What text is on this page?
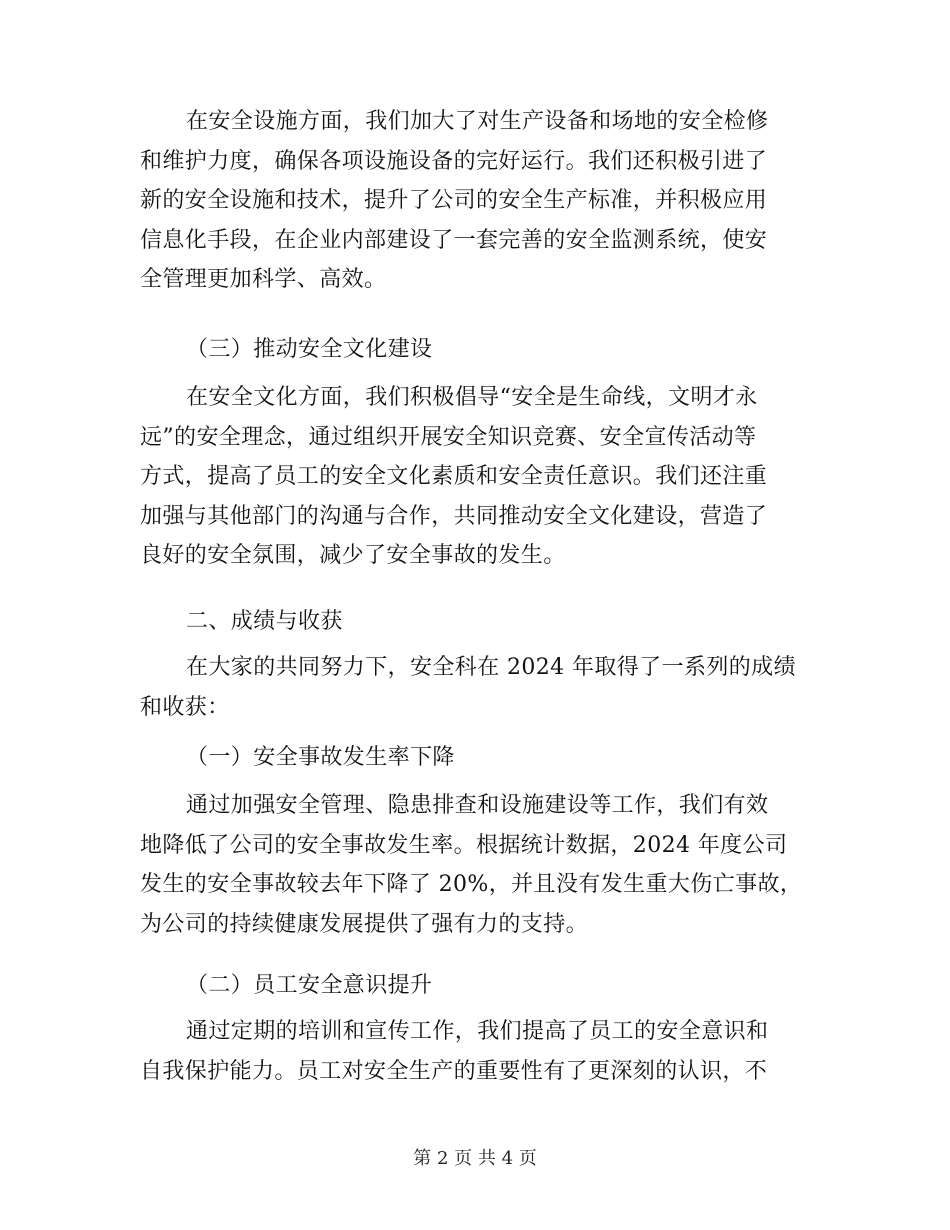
在安全设施方面，我们加大了对生产设备和场地的安全检修
和维护力度，确保各项设施设备的完好运行。我们还积极引进了
新的安全设施和技术，提升了公司的安全生产标准，并积极应用
信息化手段，在企业内部建设了一套完善的安全监测系统，使安
全管理更加科学、高效。
（三）推动安全文化建设
在安全文化方面，我们积极倡导“安全是生命线，文明才永
远”的安全理念，通过组织开展安全知识竞赛、安全宣传活动等
方式，提高了员工的安全文化素质和安全责任意识。我们还注重
加强与其他部门的沟通与合作，共同推动安全文化建设，营造了
良好的安全氛围，减少了安全事故的发生。
二、成绩与收获
在大家的共同努力下，安全科在 2024 年取得了一系列的成绩
和收获：
（一）安全事故发生率下降
通过加强安全管理、隐患排查和设施建设等工作，我们有效
地降低了公司的安全事故发生率。根据统计数据，2024 年度公司
发生的安全事故较去年下降了 20%，并且没有发生重大伤亡事故，
为公司的持续健康发展提供了强有力的支持。
（二）员工安全意识提升
通过定期的培训和宣传工作，我们提高了员工的安全意识和
自我保护能力。员工对安全生产的重要性有了更深刻的认识，不
第 2 页 共 4 页
